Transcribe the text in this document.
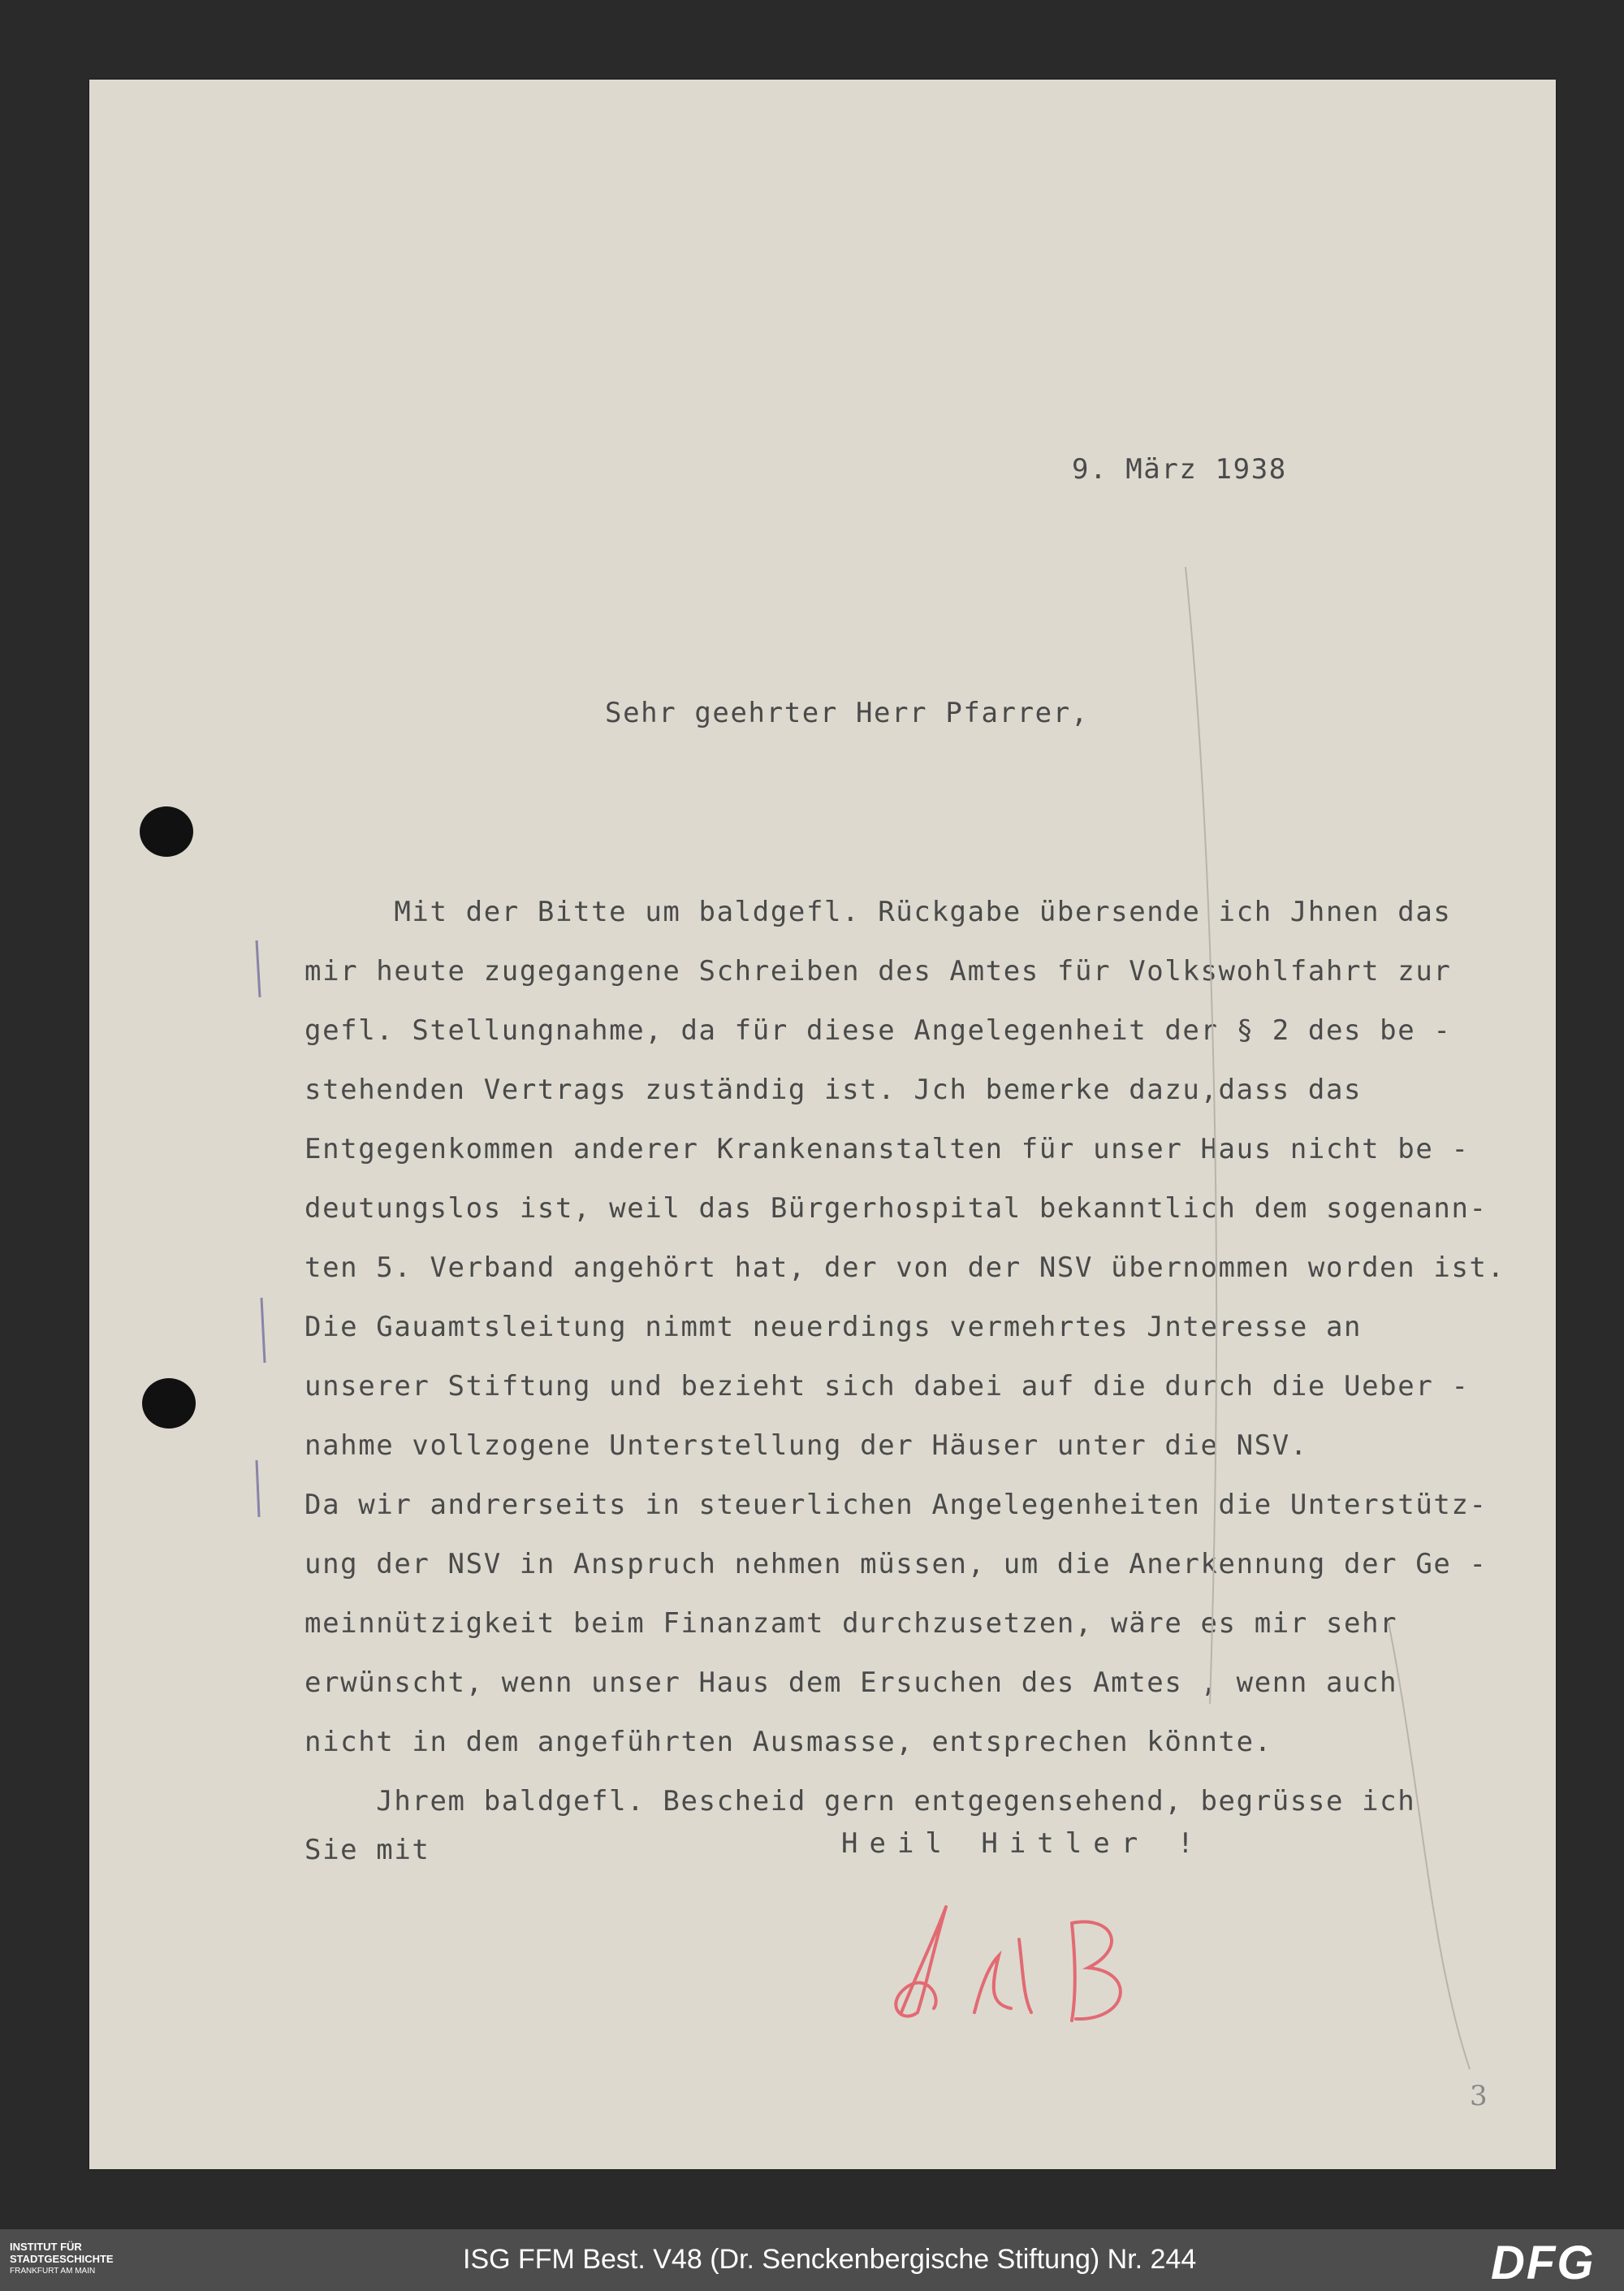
9. März 1938
Sehr geehrter Herr Pfarrer,
Mit der Bitte um baldgefl. Rückgabe übersende ich Jhnen das
mir heute zugegangene Schreiben des Amtes für Volkswohlfahrt zur
gefl. Stellungnahme, da für diese Angelegenheit der § 2 des be -
stehenden Vertrags zuständig ist. Jch bemerke dazu,dass das
Entgegenkommen anderer Krankenanstalten für unser Haus nicht be -
deutungslos ist, weil das Bürgerhospital bekanntlich dem sogenann-
ten 5. Verband angehört hat, der von der NSV übernommen worden ist.
Die Gauamtsleitung nimmt neuerdings vermehrtes Jnteresse an
unserer Stiftung und bezieht sich dabei auf die durch die Ueber -
nahme vollzogene Unterstellung der Häuser unter die NSV.
Da wir andrerseits in steuerlichen Angelegenheiten die Unterstütz-
ung der NSV in Anspruch nehmen müssen, um die Anerkennung der Ge -
meinnützigkeit beim Finanzamt durchzusetzen, wäre es mir sehr
erwünscht, wenn unser Haus dem Ersuchen des Amtes , wenn auch
nicht in dem angeführten Ausmasse, entsprechen könnte.
Jhrem baldgefl. Bescheid gern entgegensehend, begrüsse ich
Sie mit	Heil Hitler !
3
INSTITUT FÜR
STADTGESCHICHTE
FRANKFURT AM MAIN	ISG FFM Best. V48 (Dr. Senckenbergische Stiftung) Nr. 244	DFG
